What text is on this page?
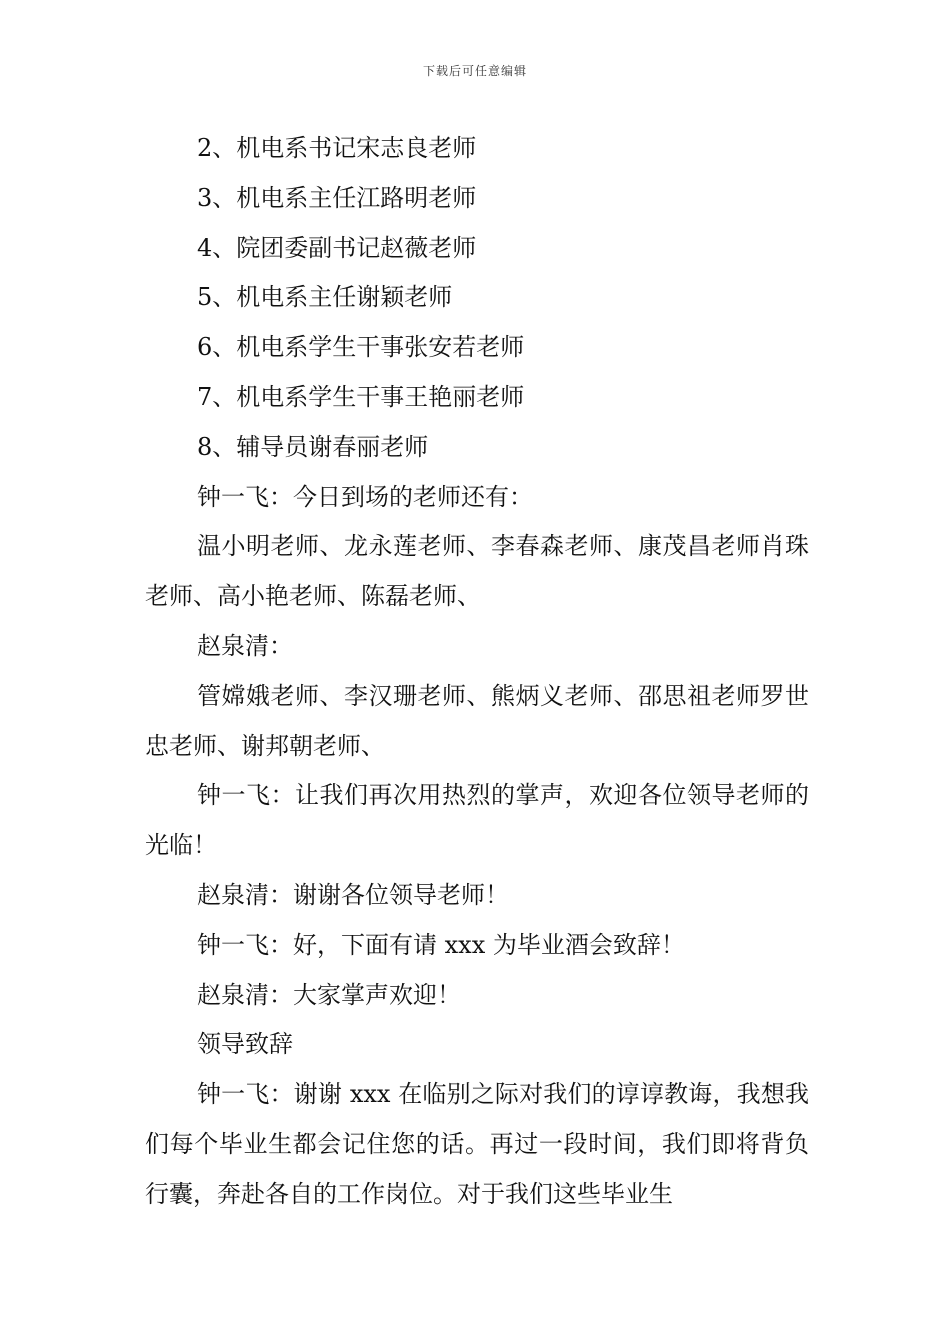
下载后可任意编辑

2、机电系书记宋志良老师

3、机电系主任江路明老师

4、院团委副书记赵薇老师

5、机电系主任谢颖老师

6、机电系学生干事张安若老师

7、机电系学生干事王艳丽老师

8、辅导员谢春丽老师

钟一飞：今日到场的老师还有：

温小明老师、龙永莲老师、李春森老师、康茂昌老师肖珠老师、高小艳老师、陈磊老师、

赵泉清：

管嫦娥老师、李汉珊老师、熊炳义老师、邵思祖老师罗世忠老师、谢邦朝老师、

钟一飞：让我们再次用热烈的掌声，欢迎各位领导老师的光临！

赵泉清：谢谢各位领导老师！

钟一飞：好，下面有请 xxx 为毕业酒会致辞！

赵泉清：大家掌声欢迎！

领导致辞

钟一飞：谢谢 xxx 在临别之际对我们的谆谆教诲，我想我们每个毕业生都会记住您的话。再过一段时间，我们即将背负行囊，奔赴各自的工作岗位。对于我们这些毕业生
